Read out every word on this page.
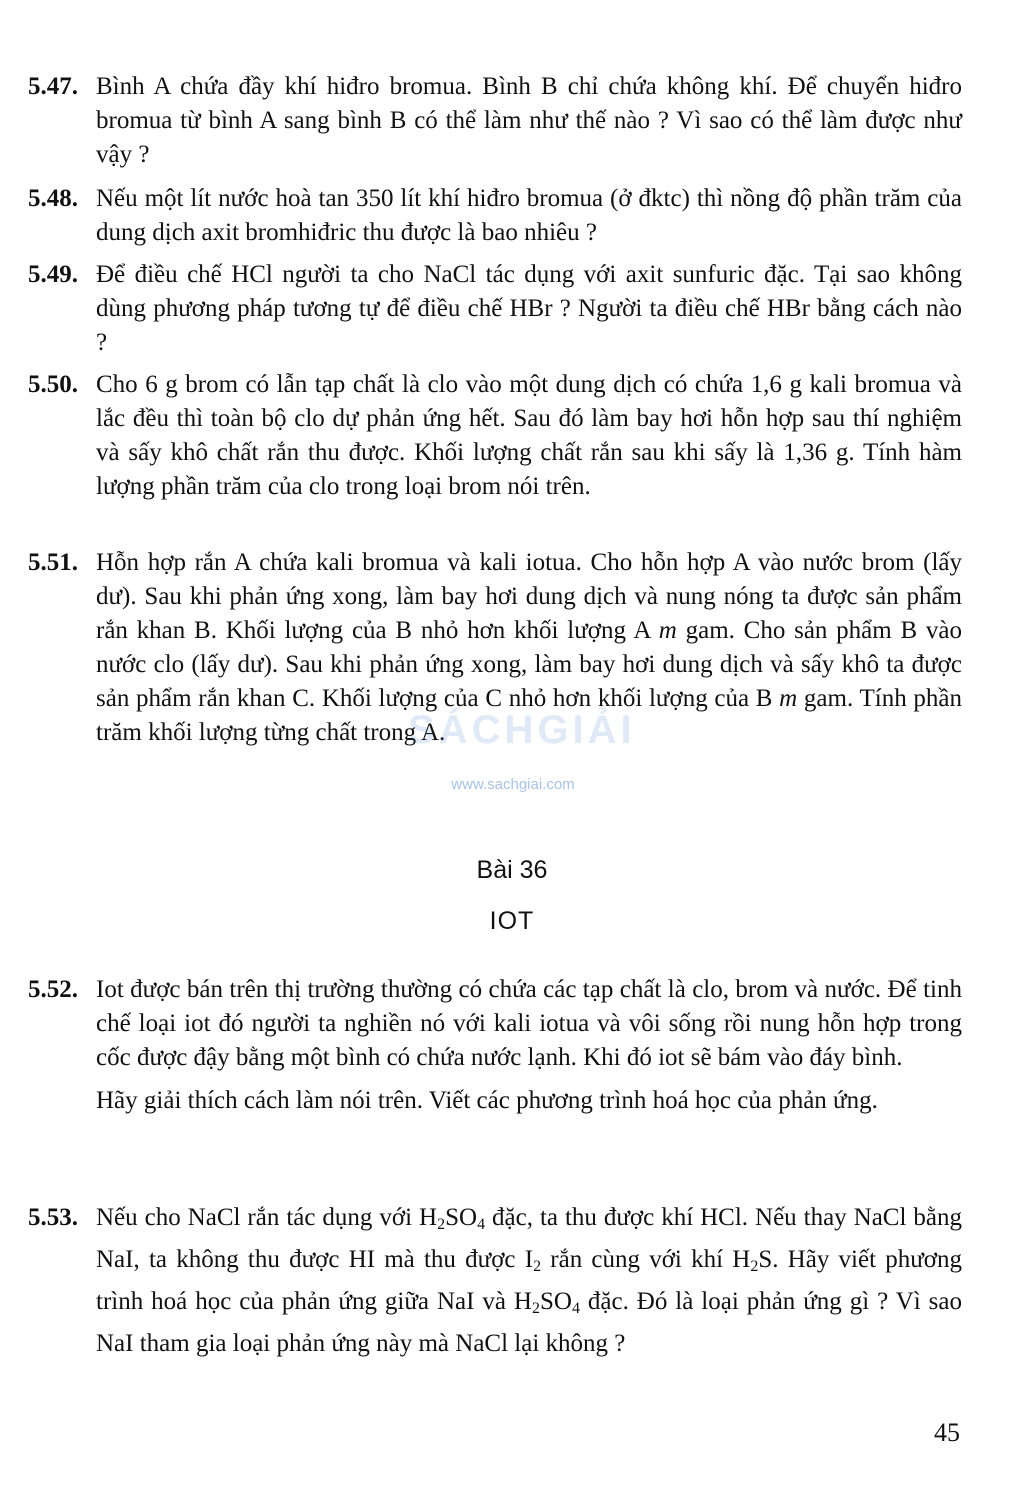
5.47. Bình A chứa đầy khí hiđro bromua. Bình B chỉ chứa không khí. Để chuyển hiđro bromua từ bình A sang bình B có thể làm như thế nào ? Vì sao có thể làm được như vậy ?

5.48. Nếu một lít nước hoà tan 350 lít khí hiđro bromua (ở đktc) thì nồng độ phần trăm của dung dịch axit bromhiđric thu được là bao nhiêu ?

5.49. Để điều chế HCl người ta cho NaCl tác dụng với axit sunfuric đặc. Tại sao không dùng phương pháp tương tự để điều chế HBr ? Người ta điều chế HBr bằng cách nào ?

5.50. Cho 6 g brom có lẫn tạp chất là clo vào một dung dịch có chứa 1,6 g kali bromua và lắc đều thì toàn bộ clo dự phản ứng hết. Sau đó làm bay hơi hỗn hợp sau thí nghiệm và sấy khô chất rắn thu được. Khối lượng chất rắn sau khi sấy là 1,36 g. Tính hàm lượng phần trăm của clo trong loại brom nói trên.

5.51. Hỗn hợp rắn A chứa kali bromua và kali iotua. Cho hỗn hợp A vào nước brom (lấy dư). Sau khi phản ứng xong, làm bay hơi dung dịch và nung nóng ta được sản phẩm rắn khan B. Khối lượng của B nhỏ hơn khối lượng A m gam. Cho sản phẩm B vào nước clo (lấy dư). Sau khi phản ứng xong, làm bay hơi dung dịch và sấy khô ta được sản phẩm rắn khan C. Khối lượng của C nhỏ hơn khối lượng của B m gam. Tính phần trăm khối lượng từng chất trong A.

SÁCHGIẢI
www.sachgiai.com
Bài 36
IOT
5.52. Iot được bán trên thị trường thường có chứa các tạp chất là clo, brom và nước. Để tinh chế loại iot đó người ta nghiền nó với kali iotua và vôi sống rồi nung hỗn hợp trong cốc được đậy bằng một bình có chứa nước lạnh. Khi đó iot sẽ bám vào đáy bình.

Hãy giải thích cách làm nói trên. Viết các phương trình hoá học của phản ứng.

5.53. Nếu cho NaCl rắn tác dụng với $H_2SO_4$ đặc, ta thu được khí HCl. Nếu thay NaCl bằng NaI, ta không thu được HI mà thu được $I_2$ rắn cùng với khí $H_2S$. Hãy viết phương trình hoá học của phản ứng giữa NaI và $H_2SO_4$ đặc. Đó là loại phản ứng gì ? Vì sao NaI tham gia loại phản ứng này mà NaCl lại không ?

45
